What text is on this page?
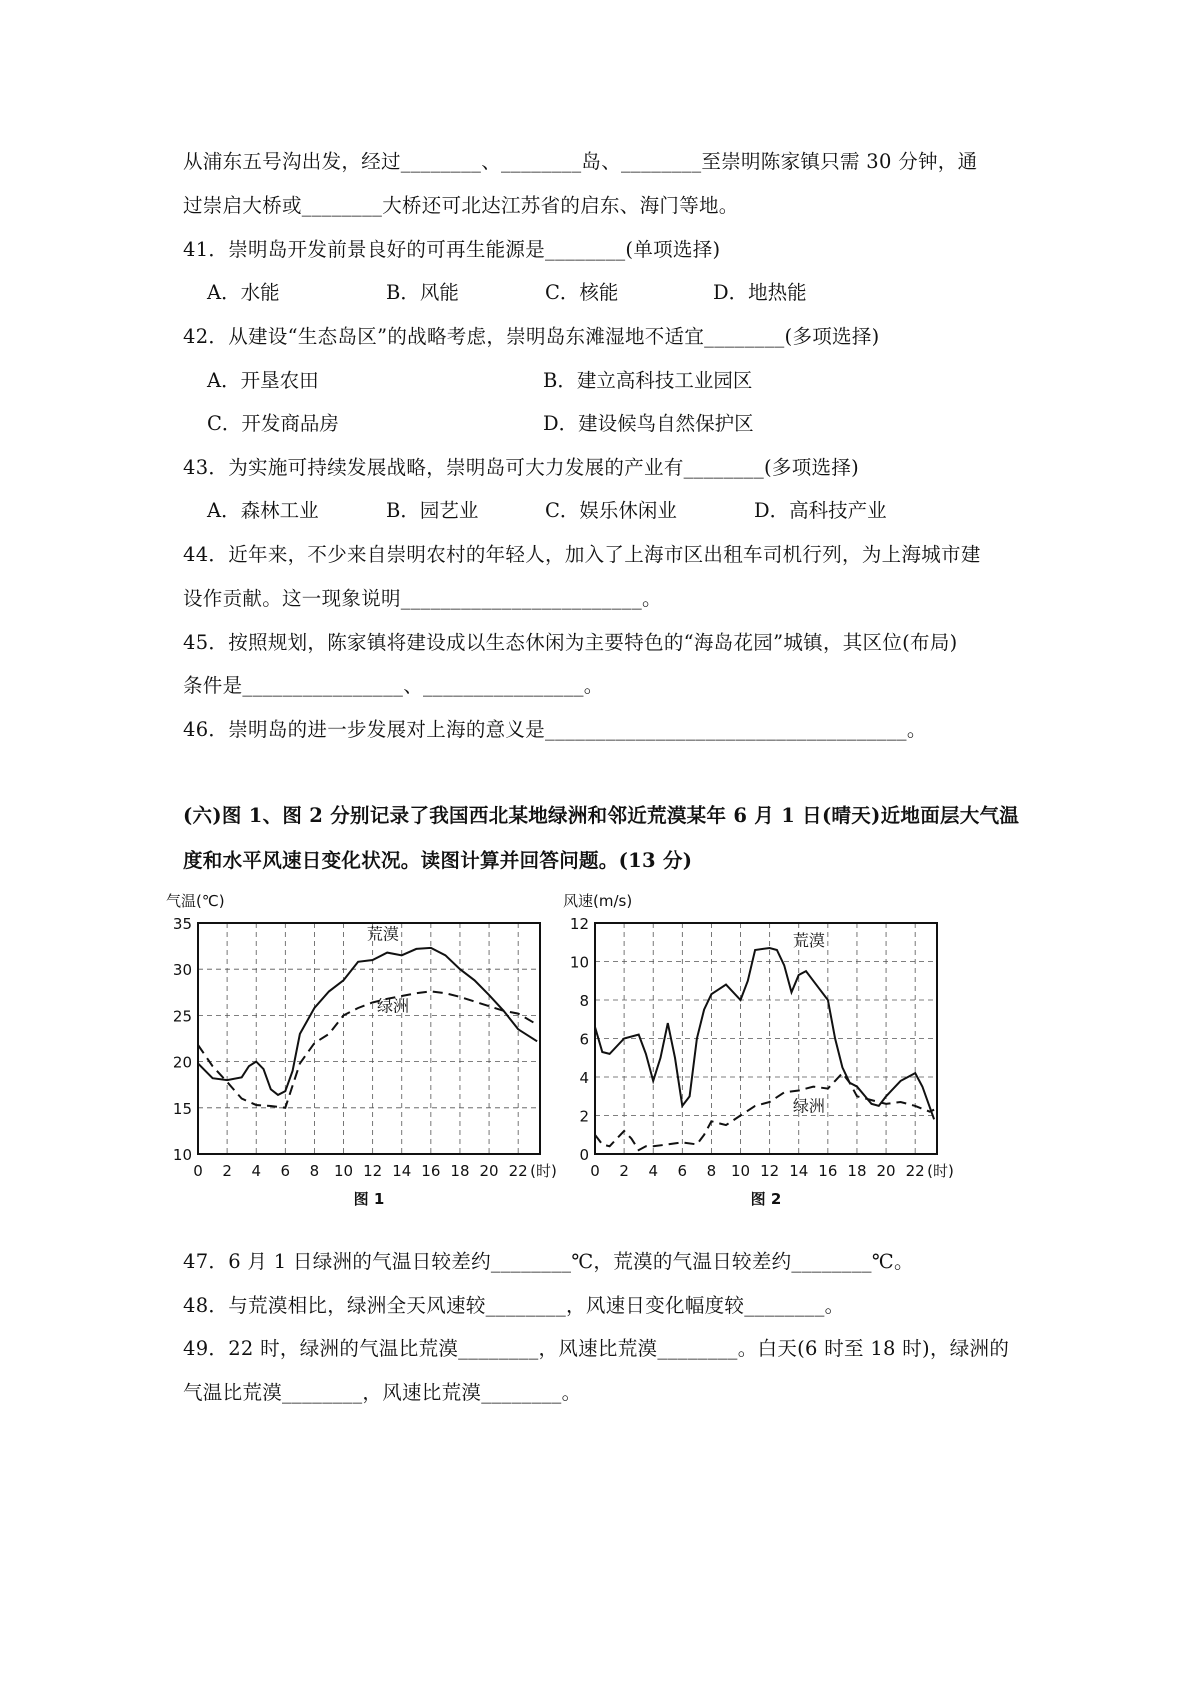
从浦东五号沟出发，经过________、________岛、________至崇明陈家镇只需 30 分钟，通
过崇启大桥或________大桥还可北达江苏省的启东、海门等地。
41．崇明岛开发前景良好的可再生能源是________(单项选择)
A．水能	B．风能	C．核能	D．地热能
42．从建设“生态岛区”的战略考虑，崇明岛东滩湿地不适宜________(多项选择)
A．开垦农田	B．建立高科技工业园区
C．开发商品房	D．建设候鸟自然保护区
43．为实施可持续发展战略，崇明岛可大力发展的产业有________(多项选择)
A．森林工业	B．园艺业	C．娱乐休闲业	D．高科技产业
44．近年来，不少来自崇明农村的年轻人，加入了上海市区出租车司机行列，为上海城市建
设作贡献。这一现象说明________________________。
45．按照规划，陈家镇将建设成以生态休闲为主要特色的“海岛花园”城镇，其区位(布局)
条件是________________、________________。
46．崇明岛的进一步发展对上海的意义是____________________________________。
(六)图 1、图 2 分别记录了我国西北某地绿洲和邻近荒漠某年 6 月 1 日(晴天)近地面层大气温
度和水平风速日变化状况。读图计算并回答问题。(13 分)
10
15
20
25
30
35
0 2 4 6 8 10 12 14 16 18 20 22 (时)
气温(℃)
图 1
荒漠
绿洲
0
2
4
6
8
10
12
0 2 4 6 8 10 12 14 16 18 20 22 (时)
风速(m/s)
图 2
荒漠
绿洲
47．6 月 1 日绿洲的气温日较差约________℃，荒漠的气温日较差约________℃。
48．与荒漠相比，绿洲全天风速较________，风速日变化幅度较________。
49．22 时，绿洲的气温比荒漠________，风速比荒漠________。白天(6 时至 18 时)，绿洲的
气温比荒漠________，风速比荒漠________。
